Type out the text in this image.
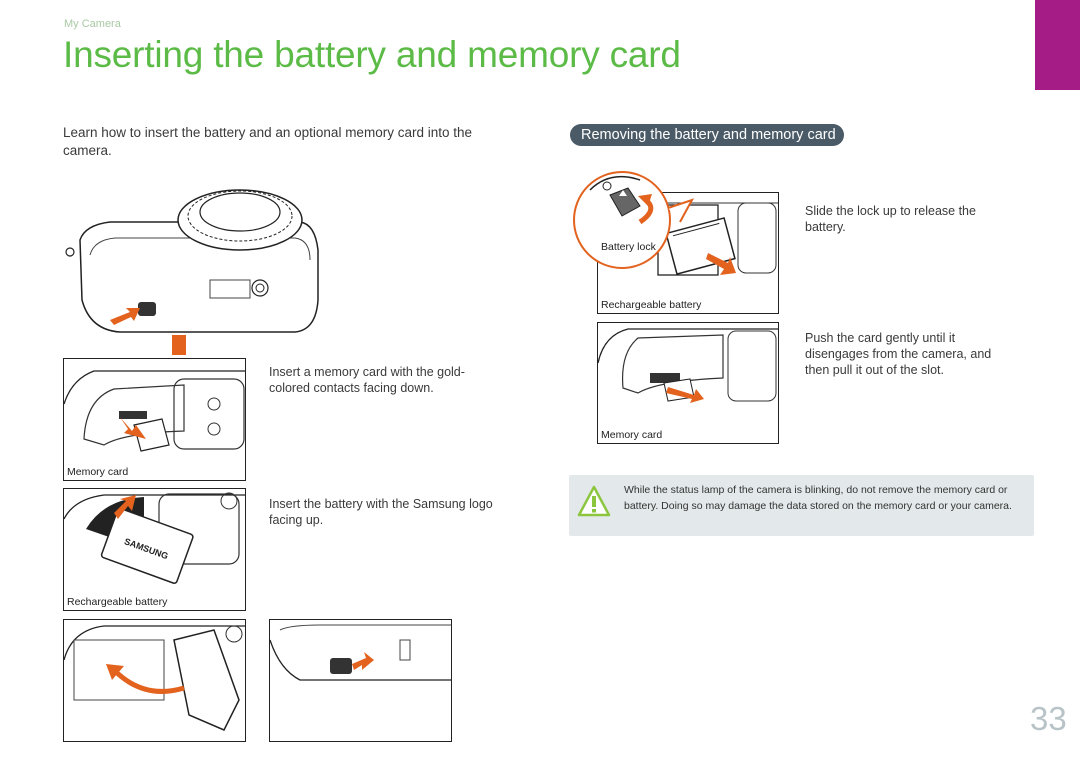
My Camera
Inserting the battery and memory card
Learn how to insert the battery and an optional memory card into the camera.
Removing the battery and memory card
Memory card
Insert a memory card with the gold-colored contacts facing down.
SAMSUNG
Rechargeable battery
Insert the battery with the Samsung logo facing up.
Rechargeable battery
Battery lock
Slide the lock up to release the battery.
Memory card
Push the card gently until it disengages from the camera, and then pull it out of the slot.
While the status lamp of the camera is blinking, do not remove the memory card or battery. Doing so may damage the data stored on the memory card or your camera.
33
